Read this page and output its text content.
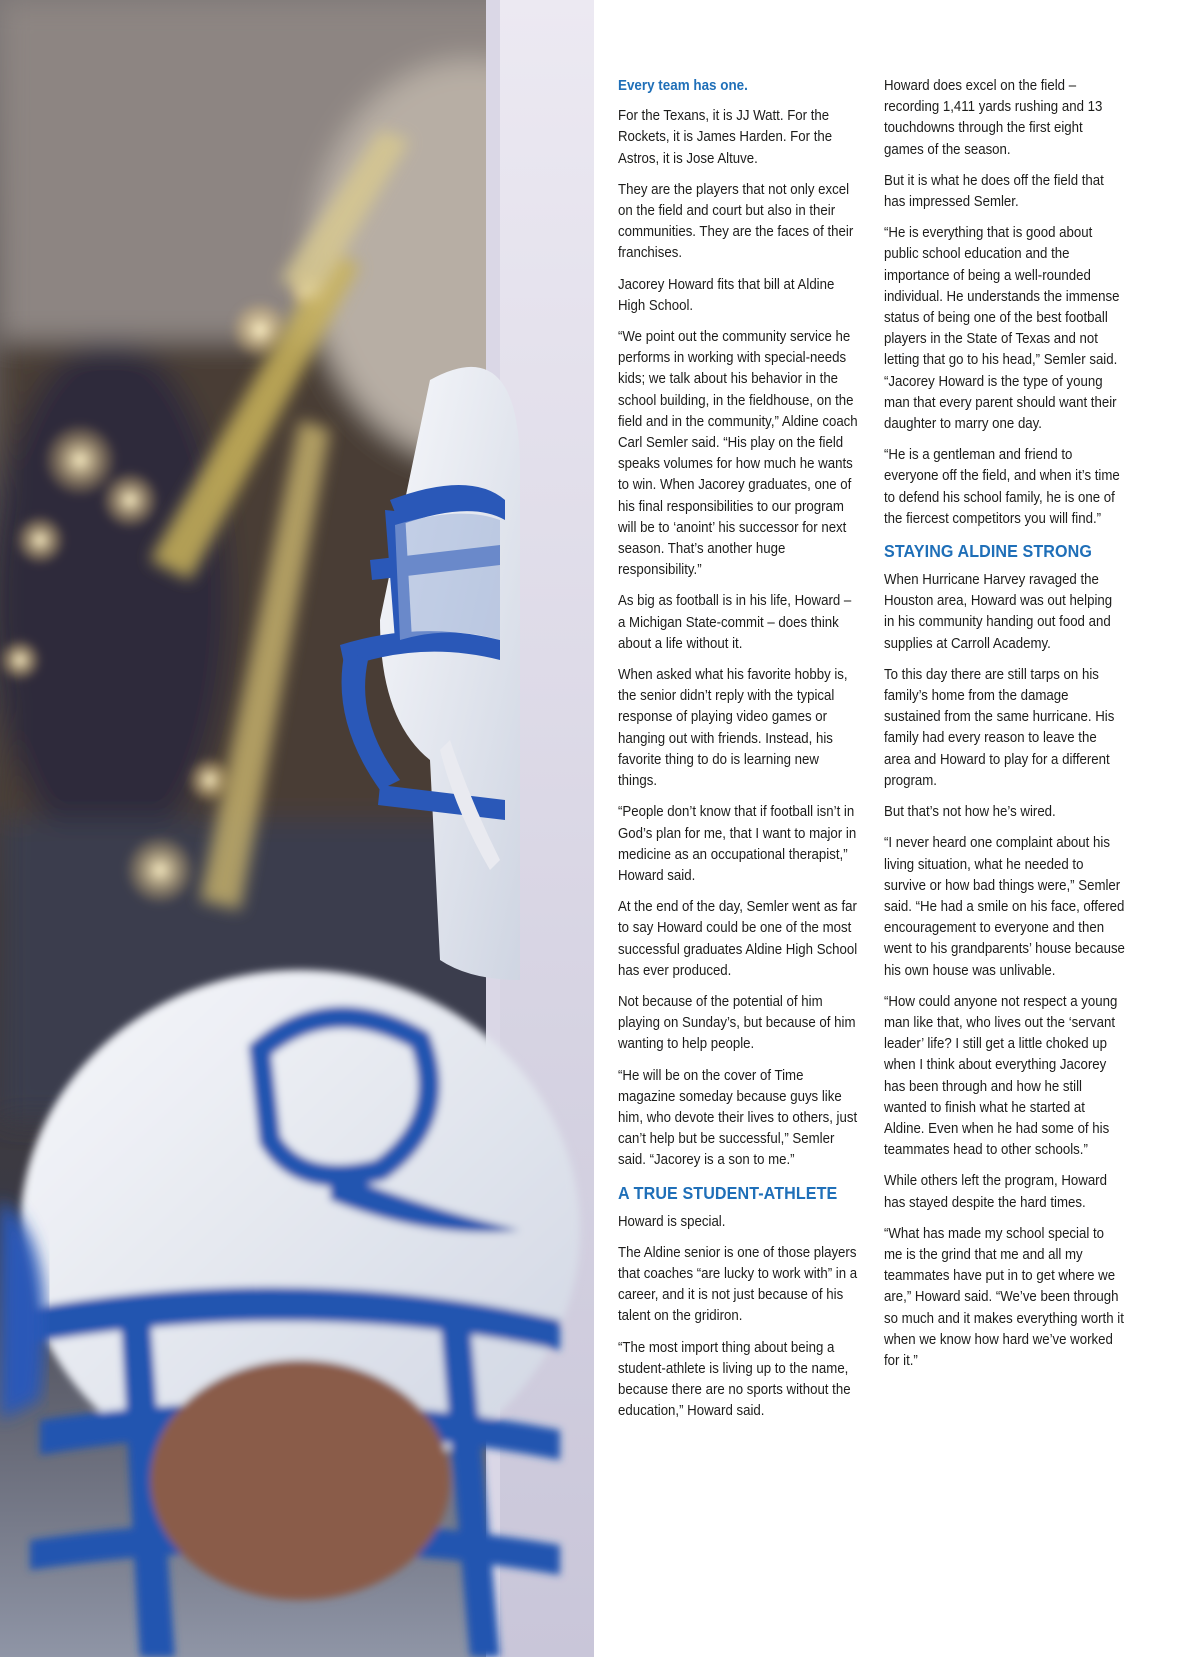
Every team has one.

For the Texans, it is JJ Watt. For the Rockets, it is James Harden. For the Astros, it is Jose Altuve.

They are the players that not only excel on the field and court but also in their communities. They are the faces of their franchises.

Jacorey Howard fits that bill at Aldine High School.

“We point out the community service he performs in working with special-needs kids; we talk about his behavior in the school building, in the fieldhouse, on the field and in the community,” Aldine coach Carl Semler said. “His play on the field speaks volumes for how much he wants to win. When Jacorey graduates, one of his final responsibilities to our program will be to ‘anoint’ his successor for next season. That’s another huge responsibility.”

As big as football is in his life, Howard – a Michigan State-commit – does think about a life without it.

When asked what his favorite hobby is, the senior didn’t reply with the typical response of playing video games or hanging out with friends. Instead, his favorite thing to do is learning new things.

“People don’t know that if football isn’t in God’s plan for me, that I want to major in medicine as an occupational therapist,” Howard said.

At the end of the day, Semler went as far to say Howard could be one of the most successful graduates Aldine High School has ever produced.

Not because of the potential of him playing on Sunday’s, but because of him wanting to help people.

“He will be on the cover of Time magazine someday because guys like him, who devote their lives to others, just can’t help but be successful,” Semler said. “Jacorey is a son to me.”

A TRUE STUDENT-ATHLETE

Howard is special.

The Aldine senior is one of those players that coaches “are lucky to work with” in a career, and it is not just because of his talent on the gridiron.

“The most import thing about being a student-athlete is living up to the name, because there are no sports without the education,” Howard said.

Howard does excel on the field – recording 1,411 yards rushing and 13 touchdowns through the first eight games of the season.

But it is what he does off the field that has impressed Semler.

“He is everything that is good about public school education and the importance of being a well-rounded individual. He understands the immense status of being one of the best football players in the State of Texas and not letting that go to his head,” Semler said. “Jacorey Howard is the type of young man that every parent should want their daughter to marry one day.

“He is a gentleman and friend to everyone off the field, and when it’s time to defend his school family, he is one of the fiercest competitors you will find.”

STAYING ALDINE STRONG

When Hurricane Harvey ravaged the Houston area, Howard was out helping in his community handing out food and supplies at Carroll Academy.

To this day there are still tarps on his family’s home from the damage sustained from the same hurricane. His family had every reason to leave the area and Howard to play for a different program.

But that’s not how he’s wired.

“I never heard one complaint about his living situation, what he needed to survive or how bad things were,” Semler said. “He had a smile on his face, offered encouragement to everyone and then went to his grandparents’ house because his own house was unlivable.

“How could anyone not respect a young man like that, who lives out the ‘servant leader’ life? I still get a little choked up when I think about everything Jacorey has been through and how he still wanted to finish what he started at Aldine. Even when he had some of his teammates head to other schools.”

While others left the program, Howard has stayed despite the hard times.

“What has made my school special to me is the grind that me and all my teammates have put in to get where we are,” Howard said. “We’ve been through so much and it makes everything worth it when we know how hard we’ve worked for it.”
